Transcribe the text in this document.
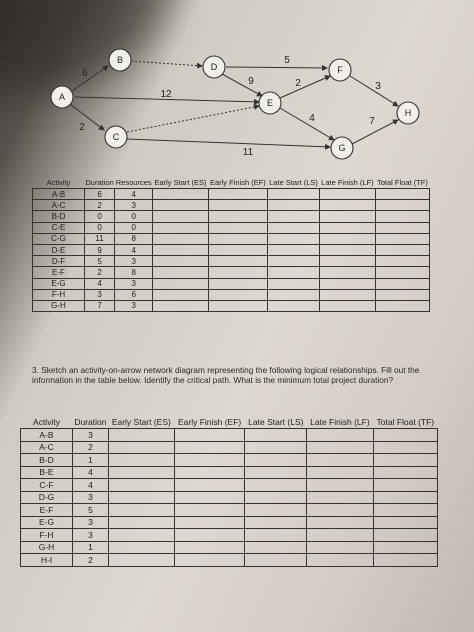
A
B
C
D
E
F
G
H
6
2
12
9
5
2
4
3
7
11
Activity	Duration	Resources	Early Start (ES)	Early Finish (EF)	Late Start (LS)	Late Finish (LF)	Total Float (TF)
A-B	6	4					
A-C	2	3					
B-D	0	0					
C-E	0	0					
C-G	11	8					
D-E	9	4					
D-F	5	3					
E-F	2	8					
E-G	4	3					
F-H	3	6					
G-H	7	3					
3. Sketch an activity-on-arrow network diagram representing the following logical relationships. Fill out the information in the table below. Identify the critical path. What is the minimum total project duration?
Activity	Duration	Early Start (ES)	Early Finish (EF)	Late Start (LS)	Late Finish (LF)	Total Float (TF)
A-B	3					
A-C	2					
B-D	1					
B-E	4					
C-F	4					
D-G	3					
E-F	5					
E-G	3					
F-H	3					
G-H	1					
H-I	2					
